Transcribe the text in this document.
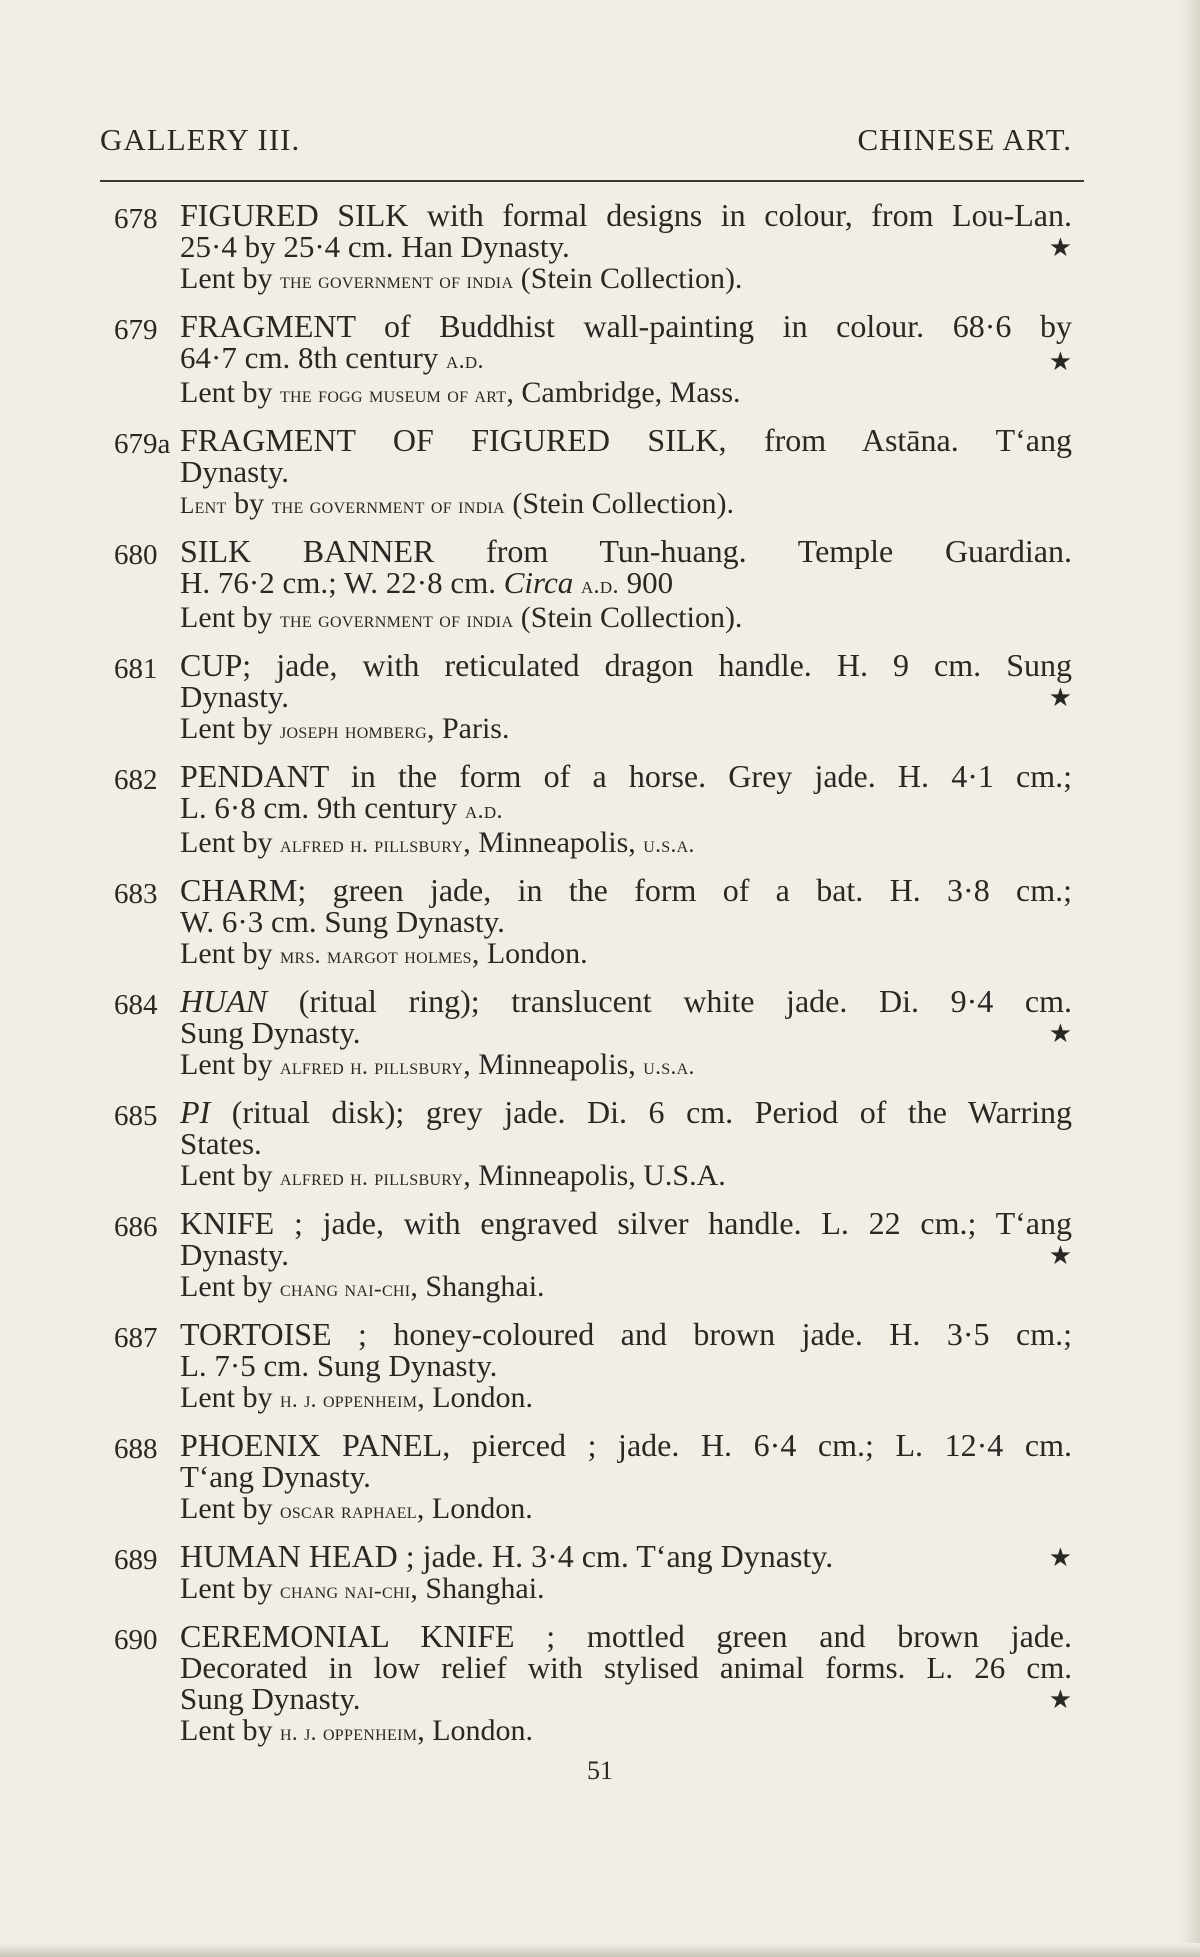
GALLERY III.	CHINESE ART.
678 FIGURED SILK with formal designs in colour, from Lou-Lan.
25·4 by 25·4 cm. Han Dynasty.	★
Lent by the government of india (Stein Collection).
679 FRAGMENT of Buddhist wall-painting in colour. 68·6 by
64·7 cm. 8th century a.d.	★
Lent by the fogg museum of art, Cambridge, Mass.
679a FRAGMENT OF FIGURED SILK, from Astāna. T‘ang
Dynasty.
Lent by the government of india (Stein Collection).
680 SILK BANNER from Tun-huang. Temple Guardian.
H. 76·2 cm.; W. 22·8 cm. Circa a.d. 900
Lent by the government of india (Stein Collection).
681 CUP; jade, with reticulated dragon handle. H. 9 cm. Sung
Dynasty.	★
Lent by joseph homberg, Paris.
682 PENDANT in the form of a horse. Grey jade. H. 4·1 cm.;
L. 6·8 cm. 9th century a.d.
Lent by alfred h. pillsbury, Minneapolis, u.s.a.
683 CHARM; green jade, in the form of a bat. H. 3·8 cm.;
W. 6·3 cm. Sung Dynasty.
Lent by mrs. margot holmes, London.
684 HUAN (ritual ring); translucent white jade. Di. 9·4 cm.
Sung Dynasty.	★
Lent by alfred h. pillsbury, Minneapolis, u.s.a.
685 PI (ritual disk); grey jade. Di. 6 cm. Period of the Warring
States.
Lent by alfred h. pillsbury, Minneapolis, U.S.A.
686 KNIFE ; jade, with engraved silver handle. L. 22 cm.; T‘ang
Dynasty.	★
Lent by chang nai-chi, Shanghai.
687 TORTOISE ; honey-coloured and brown jade. H. 3·5 cm.;
L. 7·5 cm. Sung Dynasty.
Lent by h. j. oppenheim, London.
688 PHOENIX PANEL, pierced ; jade. H. 6·4 cm.; L. 12·4 cm.
T‘ang Dynasty.
Lent by oscar raphael, London.
689 HUMAN HEAD ; jade. H. 3·4 cm. T‘ang Dynasty.	★
Lent by chang nai-chi, Shanghai.
690 CEREMONIAL KNIFE ; mottled green and brown jade.
Decorated in low relief with stylised animal forms. L. 26 cm.
Sung Dynasty.	★
Lent by h. j. oppenheim, London.
51
